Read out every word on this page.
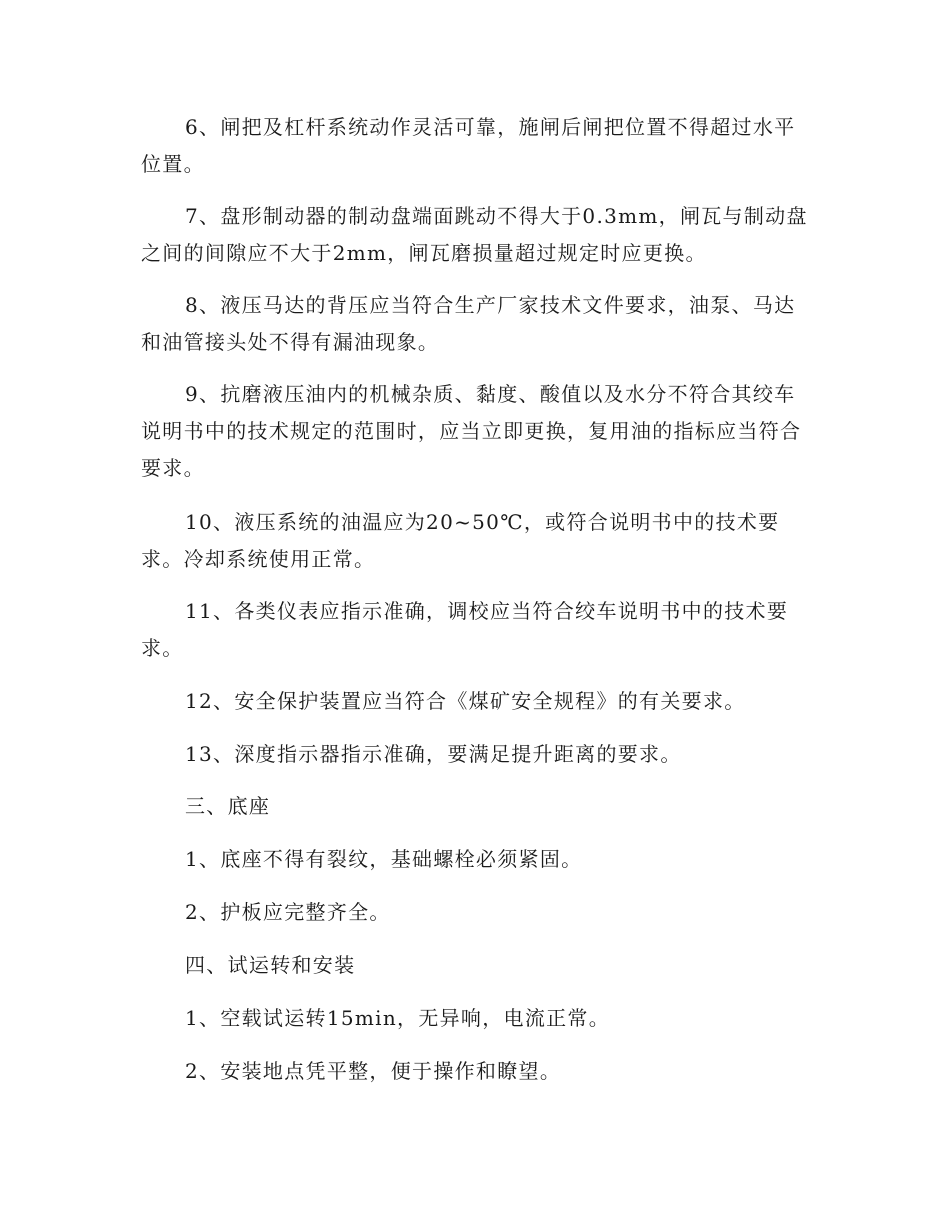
6、闸把及杠杆系统动作灵活可靠，施闸后闸把位置不得超过水平位置。

7、盘形制动器的制动盘端面跳动不得大于0.3mm，闸瓦与制动盘之间的间隙应不大于2mm，闸瓦磨损量超过规定时应更换。

8、液压马达的背压应当符合生产厂家技术文件要求，油泵、马达和油管接头处不得有漏油现象。

9、抗磨液压油内的机械杂质、黏度、酸值以及水分不符合其绞车说明书中的技术规定的范围时，应当立即更换，复用油的指标应当符合要求。

10、液压系统的油温应为20~50℃，或符合说明书中的技术要求。冷却系统使用正常。

11、各类仪表应指示准确，调校应当符合绞车说明书中的技术要求。

12、安全保护装置应当符合《煤矿安全规程》的有关要求。

13、深度指示器指示准确，要满足提升距离的要求。

三、底座

1、底座不得有裂纹，基础螺栓必须紧固。

2、护板应完整齐全。

四、试运转和安装

1、空载试运转15min，无异响，电流正常。

2、安装地点凭平整，便于操作和瞭望。
